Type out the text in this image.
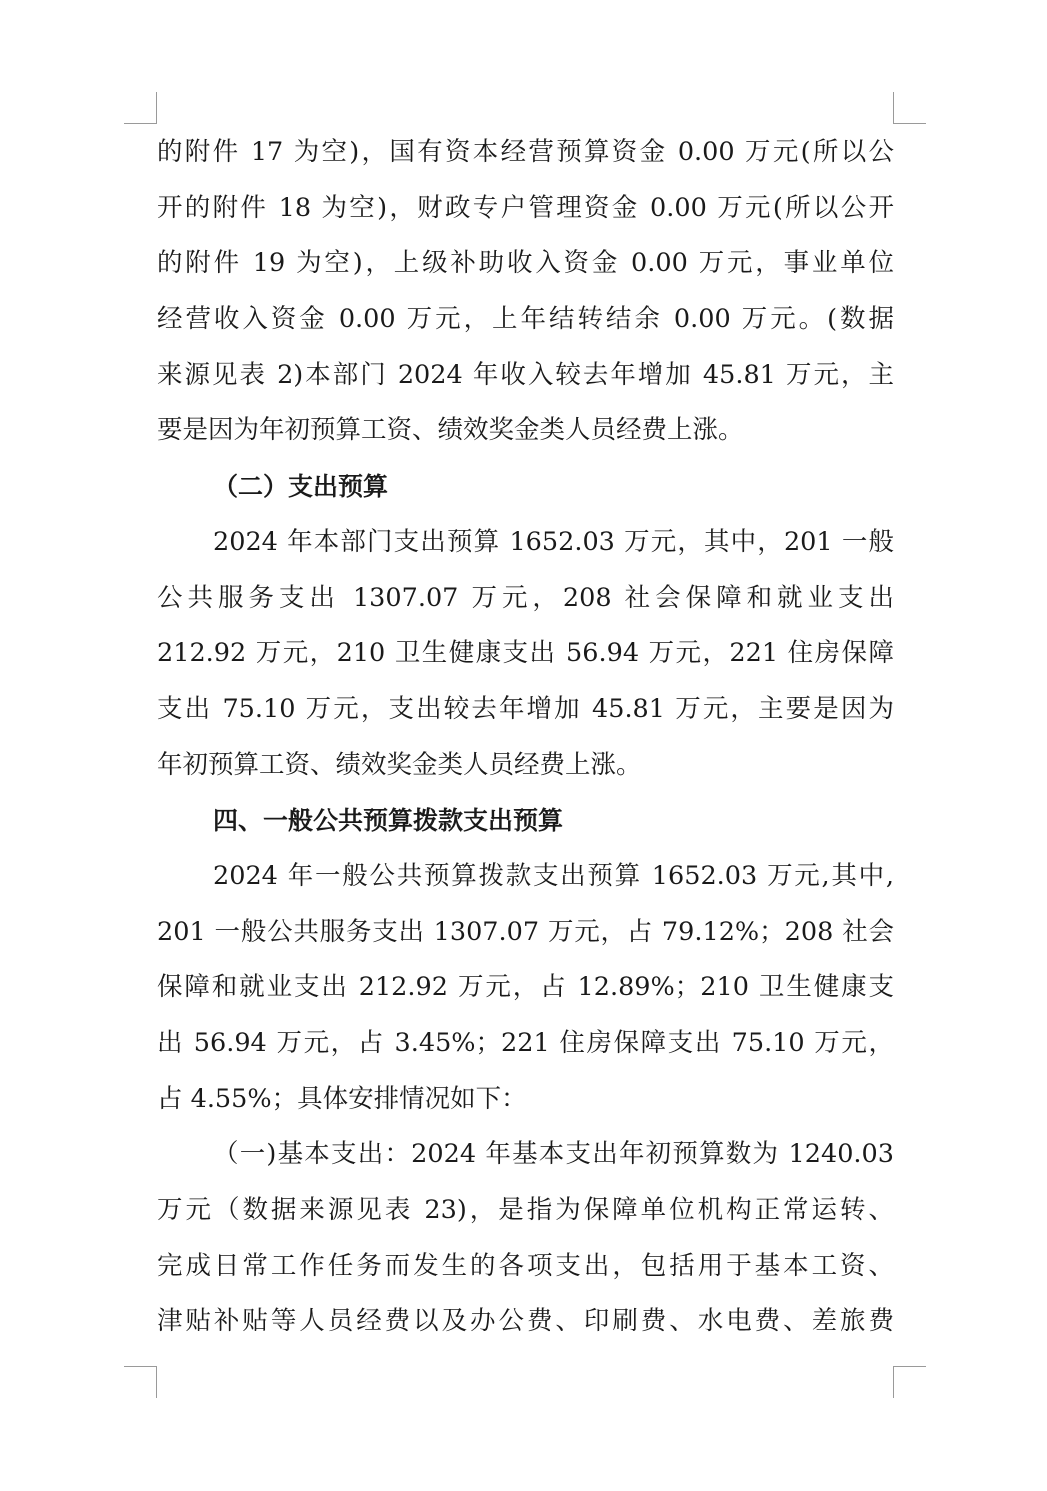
的附件 17 为空)，国有资本经营预算资金 0.00 万元(所以公
开的附件 18 为空)，财政专户管理资金 0.00 万元(所以公开
的附件 19 为空)，上级补助收入资金 0.00 万元，事业单位
经营收入资金 0.00 万元，上年结转结余 0.00 万元。(数据
来源见表 2)本部门 2024 年收入较去年增加 45.81 万元，主
要是因为年初预算工资、绩效奖金类人员经费上涨。
（二）支出预算
2024 年本部门支出预算 1652.03 万元，其中，201 一般
公共服务支出 1307.07 万元，208 社会保障和就业支出
212.92 万元，210 卫生健康支出 56.94 万元，221 住房保障
支出 75.10 万元，支出较去年增加 45.81 万元，主要是因为
年初预算工资、绩效奖金类人员经费上涨。
四、一般公共预算拨款支出预算
2024 年一般公共预算拨款支出预算 1652.03 万元,其中,
201 一般公共服务支出 1307.07 万元，占 79.12%；208 社会
保障和就业支出 212.92 万元，占 12.89%；210 卫生健康支
出 56.94 万元，占 3.45%；221 住房保障支出 75.10 万元，
占 4.55%；具体安排情况如下：
（一)基本支出：2024 年基本支出年初预算数为 1240.03
万元（数据来源见表 23)，是指为保障单位机构正常运转、
完成日常工作任务而发生的各项支出，包括用于基本工资、
津贴补贴等人员经费以及办公费、印刷费、水电费、差旅费
